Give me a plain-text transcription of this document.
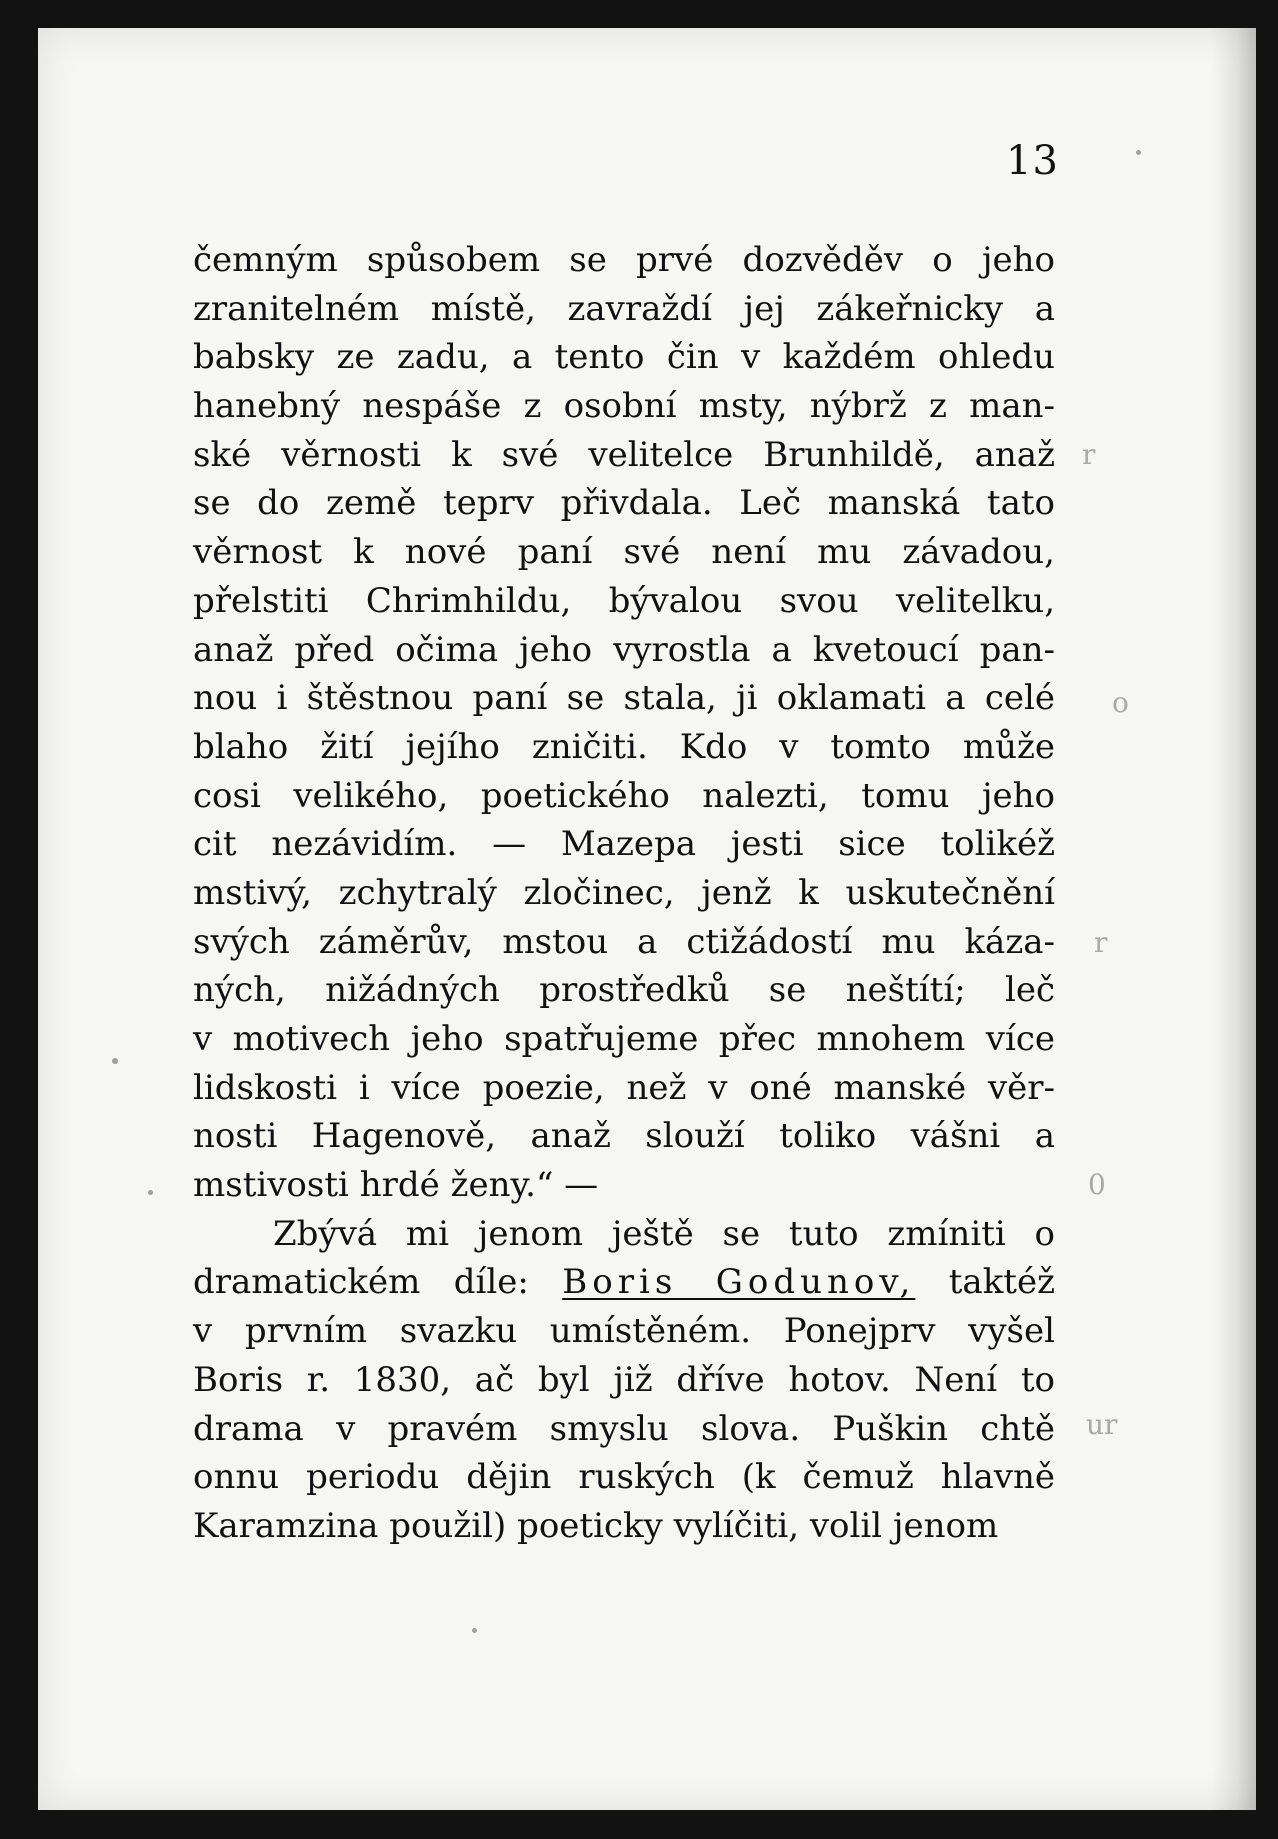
13
čemným spůsobem se prvé dozvěděv o jeho
zranitelném místě, zavraždí jej zákeřnicky a
babsky ze zadu, a tento čin v každém ohledu
hanebný nespáše z osobní msty, nýbrž z man-
ské věrnosti k své velitelce Brunhildě, anaž
se do země teprv přivdala. Leč manská tato
věrnost k nové paní své není mu závadou,
přelstiti Chrimhildu, bývalou svou velitelku,
anaž před očima jeho vyrostla a kvetoucí pan-
nou i štěstnou paní se stala, ji oklamati a celé
blaho žití jejího zničiti. Kdo v tomto může
cosi velikého, poetického nalezti, tomu jeho
cit nezávidím. — Mazepa jesti sice tolikéž
mstivý, zchytralý zločinec, jenž k uskutečnění
svých záměrův, mstou a ctižádostí mu káza-
ných, nižádných prostředků se neštítí; leč
v motivech jeho spatřujeme přec mnohem více
lidskosti i více poezie, než v oné manské věr-
nosti Hagenově, anaž slouží toliko vášni a
mstivosti hrdé ženy.“ —
Zbývá mi jenom ještě se tuto zmíniti o
dramatickém díle: Boris Godunov, taktéž
v prvním svazku umístěném. Ponejprv vyšel
Boris r. 1830, ač byl již dříve hotov. Není to
drama v pravém smyslu slova. Puškin chtě
onnu periodu dějin ruských (k čemuž hlavně
Karamzina použil) poeticky vylíčiti, volil jenom
r
o
r
0
ur
